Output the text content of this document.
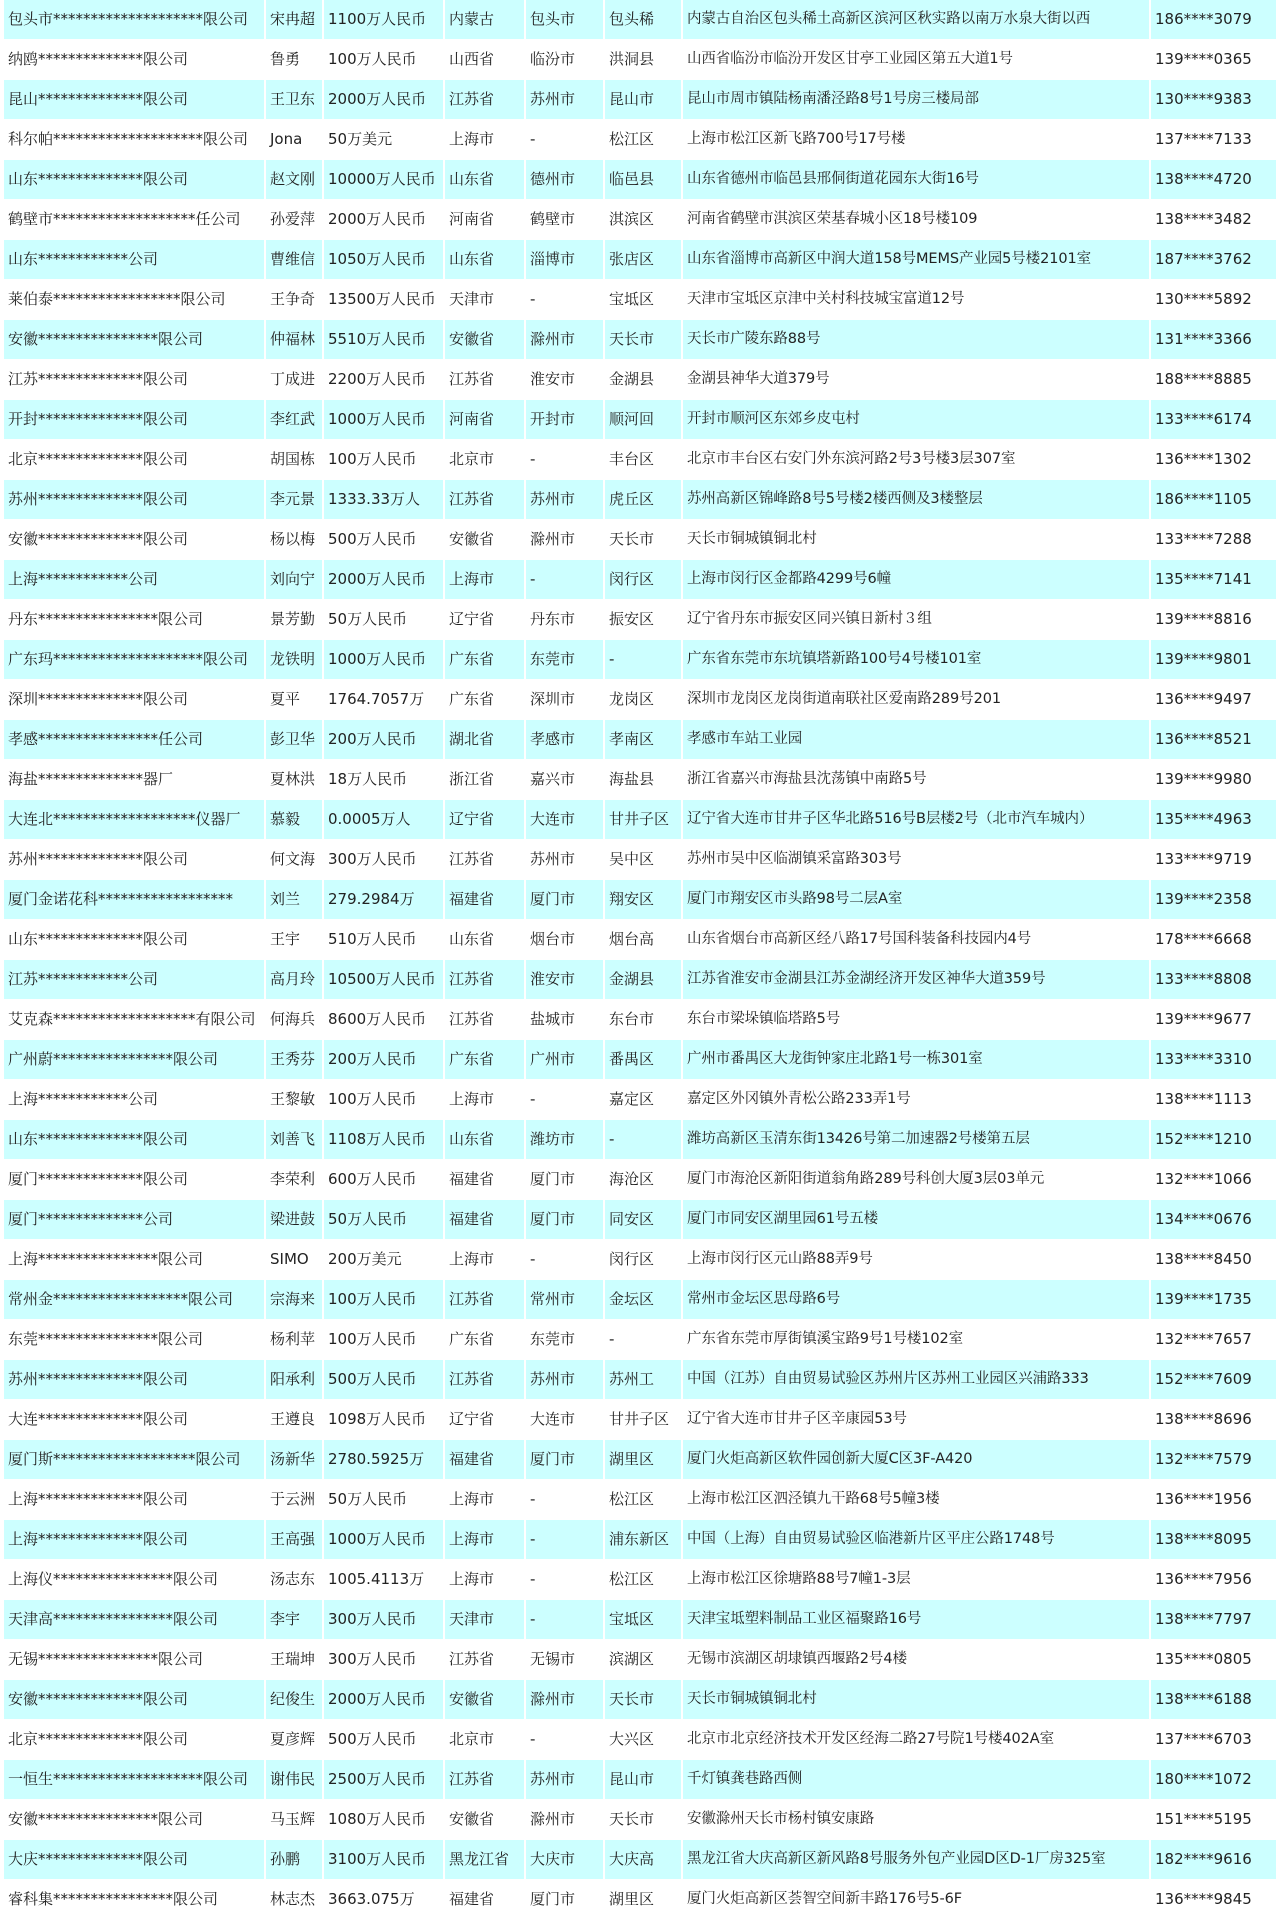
包头市********************限公司	宋冉超	1100万人民币	内蒙古	包头市	包头稀	内蒙古自治区包头稀土高新区滨河区秋实路以南万水泉大街以西	186****3079
纳鸥**************限公司	鲁勇	100万人民币	山西省	临汾市	洪洞县	山西省临汾市临汾开发区甘亭工业园区第五大道1号	139****0365
昆山**************限公司	王卫东	2000万人民币	江苏省	苏州市	昆山市	昆山市周市镇陆杨南潘泾路8号1号房三楼局部	130****9383
科尔帕********************限公司	Jona	50万美元	上海市	-	松江区	上海市松江区新飞路700号17号楼	137****7133
山东**************限公司	赵文刚	10000万人民币	山东省	德州市	临邑县	山东省德州市临邑县邢侗街道花园东大街16号	138****4720
鹤壁市*******************任公司	孙爱萍	2000万人民币	河南省	鹤壁市	淇滨区	河南省鹤壁市淇滨区荣基春城小区18号楼109	138****3482
山东************公司	曹维信	1050万人民币	山东省	淄博市	张店区	山东省淄博市高新区中润大道158号MEMS产业园5号楼2101室	187****3762
莱伯泰*****************限公司	王争奇	13500万人民币	天津市	-	宝坻区	天津市宝坻区京津中关村科技城宝富道12号	130****5892
安徽****************限公司	仲福林	5510万人民币	安徽省	滁州市	天长市	天长市广陵东路88号	131****3366
江苏**************限公司	丁成进	2200万人民币	江苏省	淮安市	金湖县	金湖县神华大道379号	188****8885
开封**************限公司	李红武	1000万人民币	河南省	开封市	顺河回	开封市顺河区东郊乡皮屯村	133****6174
北京**************限公司	胡国栋	100万人民币	北京市	-	丰台区	北京市丰台区右安门外东滨河路2号3号楼3层307室	136****1302
苏州**************限公司	李元景	1333.33万人	江苏省	苏州市	虎丘区	苏州高新区锦峰路8号5号楼2楼西侧及3楼整层	186****1105
安徽**************限公司	杨以梅	500万人民币	安徽省	滁州市	天长市	天长市铜城镇铜北村	133****7288
上海************公司	刘向宁	2000万人民币	上海市	-	闵行区	上海市闵行区金都路4299号6幢	135****7141
丹东****************限公司	景芳勤	50万人民币	辽宁省	丹东市	振安区	辽宁省丹东市振安区同兴镇日新村３组	139****8816
广东玛********************限公司	龙铁明	1000万人民币	广东省	东莞市	-	广东省东莞市东坑镇塔新路100号4号楼101室	139****9801
深圳**************限公司	夏平	1764.7057万	广东省	深圳市	龙岗区	深圳市龙岗区龙岗街道南联社区爱南路289号201	136****9497
孝感****************任公司	彭卫华	200万人民币	湖北省	孝感市	孝南区	孝感市车站工业园	136****8521
海盐**************器厂	夏林洪	18万人民币	浙江省	嘉兴市	海盐县	浙江省嘉兴市海盐县沈荡镇中南路5号	139****9980
大连北*******************仪器厂	慕毅	0.0005万人	辽宁省	大连市	甘井子区	辽宁省大连市甘井子区华北路516号B层楼2号（北市汽车城内）	135****4963
苏州**************限公司	何文海	300万人民币	江苏省	苏州市	吴中区	苏州市吴中区临湖镇采富路303号	133****9719
厦门金诺花科******************	刘兰	279.2984万	福建省	厦门市	翔安区	厦门市翔安区市头路98号二层A室	139****2358
山东**************限公司	王宇	510万人民币	山东省	烟台市	烟台高	山东省烟台市高新区经八路17号国科装备科技园内4号	178****6668
江苏************公司	高月玲	10500万人民币	江苏省	淮安市	金湖县	江苏省淮安市金湖县江苏金湖经济开发区神华大道359号	133****8808
艾克森*******************有限公司	何海兵	8600万人民币	江苏省	盐城市	东台市	东台市梁垛镇临塔路5号	139****9677
广州蔚****************限公司	王秀芬	200万人民币	广东省	广州市	番禺区	广州市番禺区大龙街钟家庄北路1号一栋301室	133****3310
上海************公司	王黎敏	100万人民币	上海市	-	嘉定区	嘉定区外冈镇外青松公路233弄1号	138****1113
山东**************限公司	刘善飞	1108万人民币	山东省	潍坊市	-	潍坊高新区玉清东街13426号第二加速器2号楼第五层	152****1210
厦门**************限公司	李荣利	600万人民币	福建省	厦门市	海沧区	厦门市海沧区新阳街道翁角路289号科创大厦3层03单元	132****1066
厦门**************公司	梁进鼓	50万人民币	福建省	厦门市	同安区	厦门市同安区湖里园61号五楼	134****0676
上海****************限公司	SIMO	200万美元	上海市	-	闵行区	上海市闵行区元山路88弄9号	138****8450
常州金******************限公司	宗海来	100万人民币	江苏省	常州市	金坛区	常州市金坛区思母路6号	139****1735
东莞****************限公司	杨利苹	100万人民币	广东省	东莞市	-	广东省东莞市厚街镇溪宝路9号1号楼102室	132****7657
苏州**************限公司	阳承利	500万人民币	江苏省	苏州市	苏州工	中国（江苏）自由贸易试验区苏州片区苏州工业园区兴浦路333	152****7609
大连**************限公司	王遵良	1098万人民币	辽宁省	大连市	甘井子区	辽宁省大连市甘井子区辛康园53号	138****8696
厦门斯*******************限公司	汤新华	2780.5925万	福建省	厦门市	湖里区	厦门火炬高新区软件园创新大厦C区3F-A420	132****7579
上海**************限公司	于云洲	50万人民币	上海市	-	松江区	上海市松江区泗泾镇九干路68号5幢3楼	136****1956
上海**************限公司	王高强	1000万人民币	上海市	-	浦东新区	中国（上海）自由贸易试验区临港新片区平庄公路1748号	138****8095
上海仪****************限公司	汤志东	1005.4113万	上海市	-	松江区	上海市松江区徐塘路88号7幢1-3层	136****7956
天津高****************限公司	李宇	300万人民币	天津市	-	宝坻区	天津宝坻塑料制品工业区福聚路16号	138****7797
无锡****************限公司	王瑞坤	300万人民币	江苏省	无锡市	滨湖区	无锡市滨湖区胡埭镇西堰路2号4楼	135****0805
安徽**************限公司	纪俊生	2000万人民币	安徽省	滁州市	天长市	天长市铜城镇铜北村	138****6188
北京**************限公司	夏彦辉	500万人民币	北京市	-	大兴区	北京市北京经济技术开发区经海二路27号院1号楼402A室	137****6703
一恒生********************限公司	谢伟民	2500万人民币	江苏省	苏州市	昆山市	千灯镇龚巷路西侧	180****1072
安徽****************限公司	马玉辉	1080万人民币	安徽省	滁州市	天长市	安徽滁州天长市杨村镇安康路	151****5195
大庆**************限公司	孙鹏	3100万人民币	黑龙江省	大庆市	大庆高	黑龙江省大庆高新区新风路8号服务外包产业园D区D-1厂房325室	182****9616
睿科集****************限公司	林志杰	3663.075万	福建省	厦门市	湖里区	厦门火炬高新区荟智空间新丰路176号5-6F	136****9845
